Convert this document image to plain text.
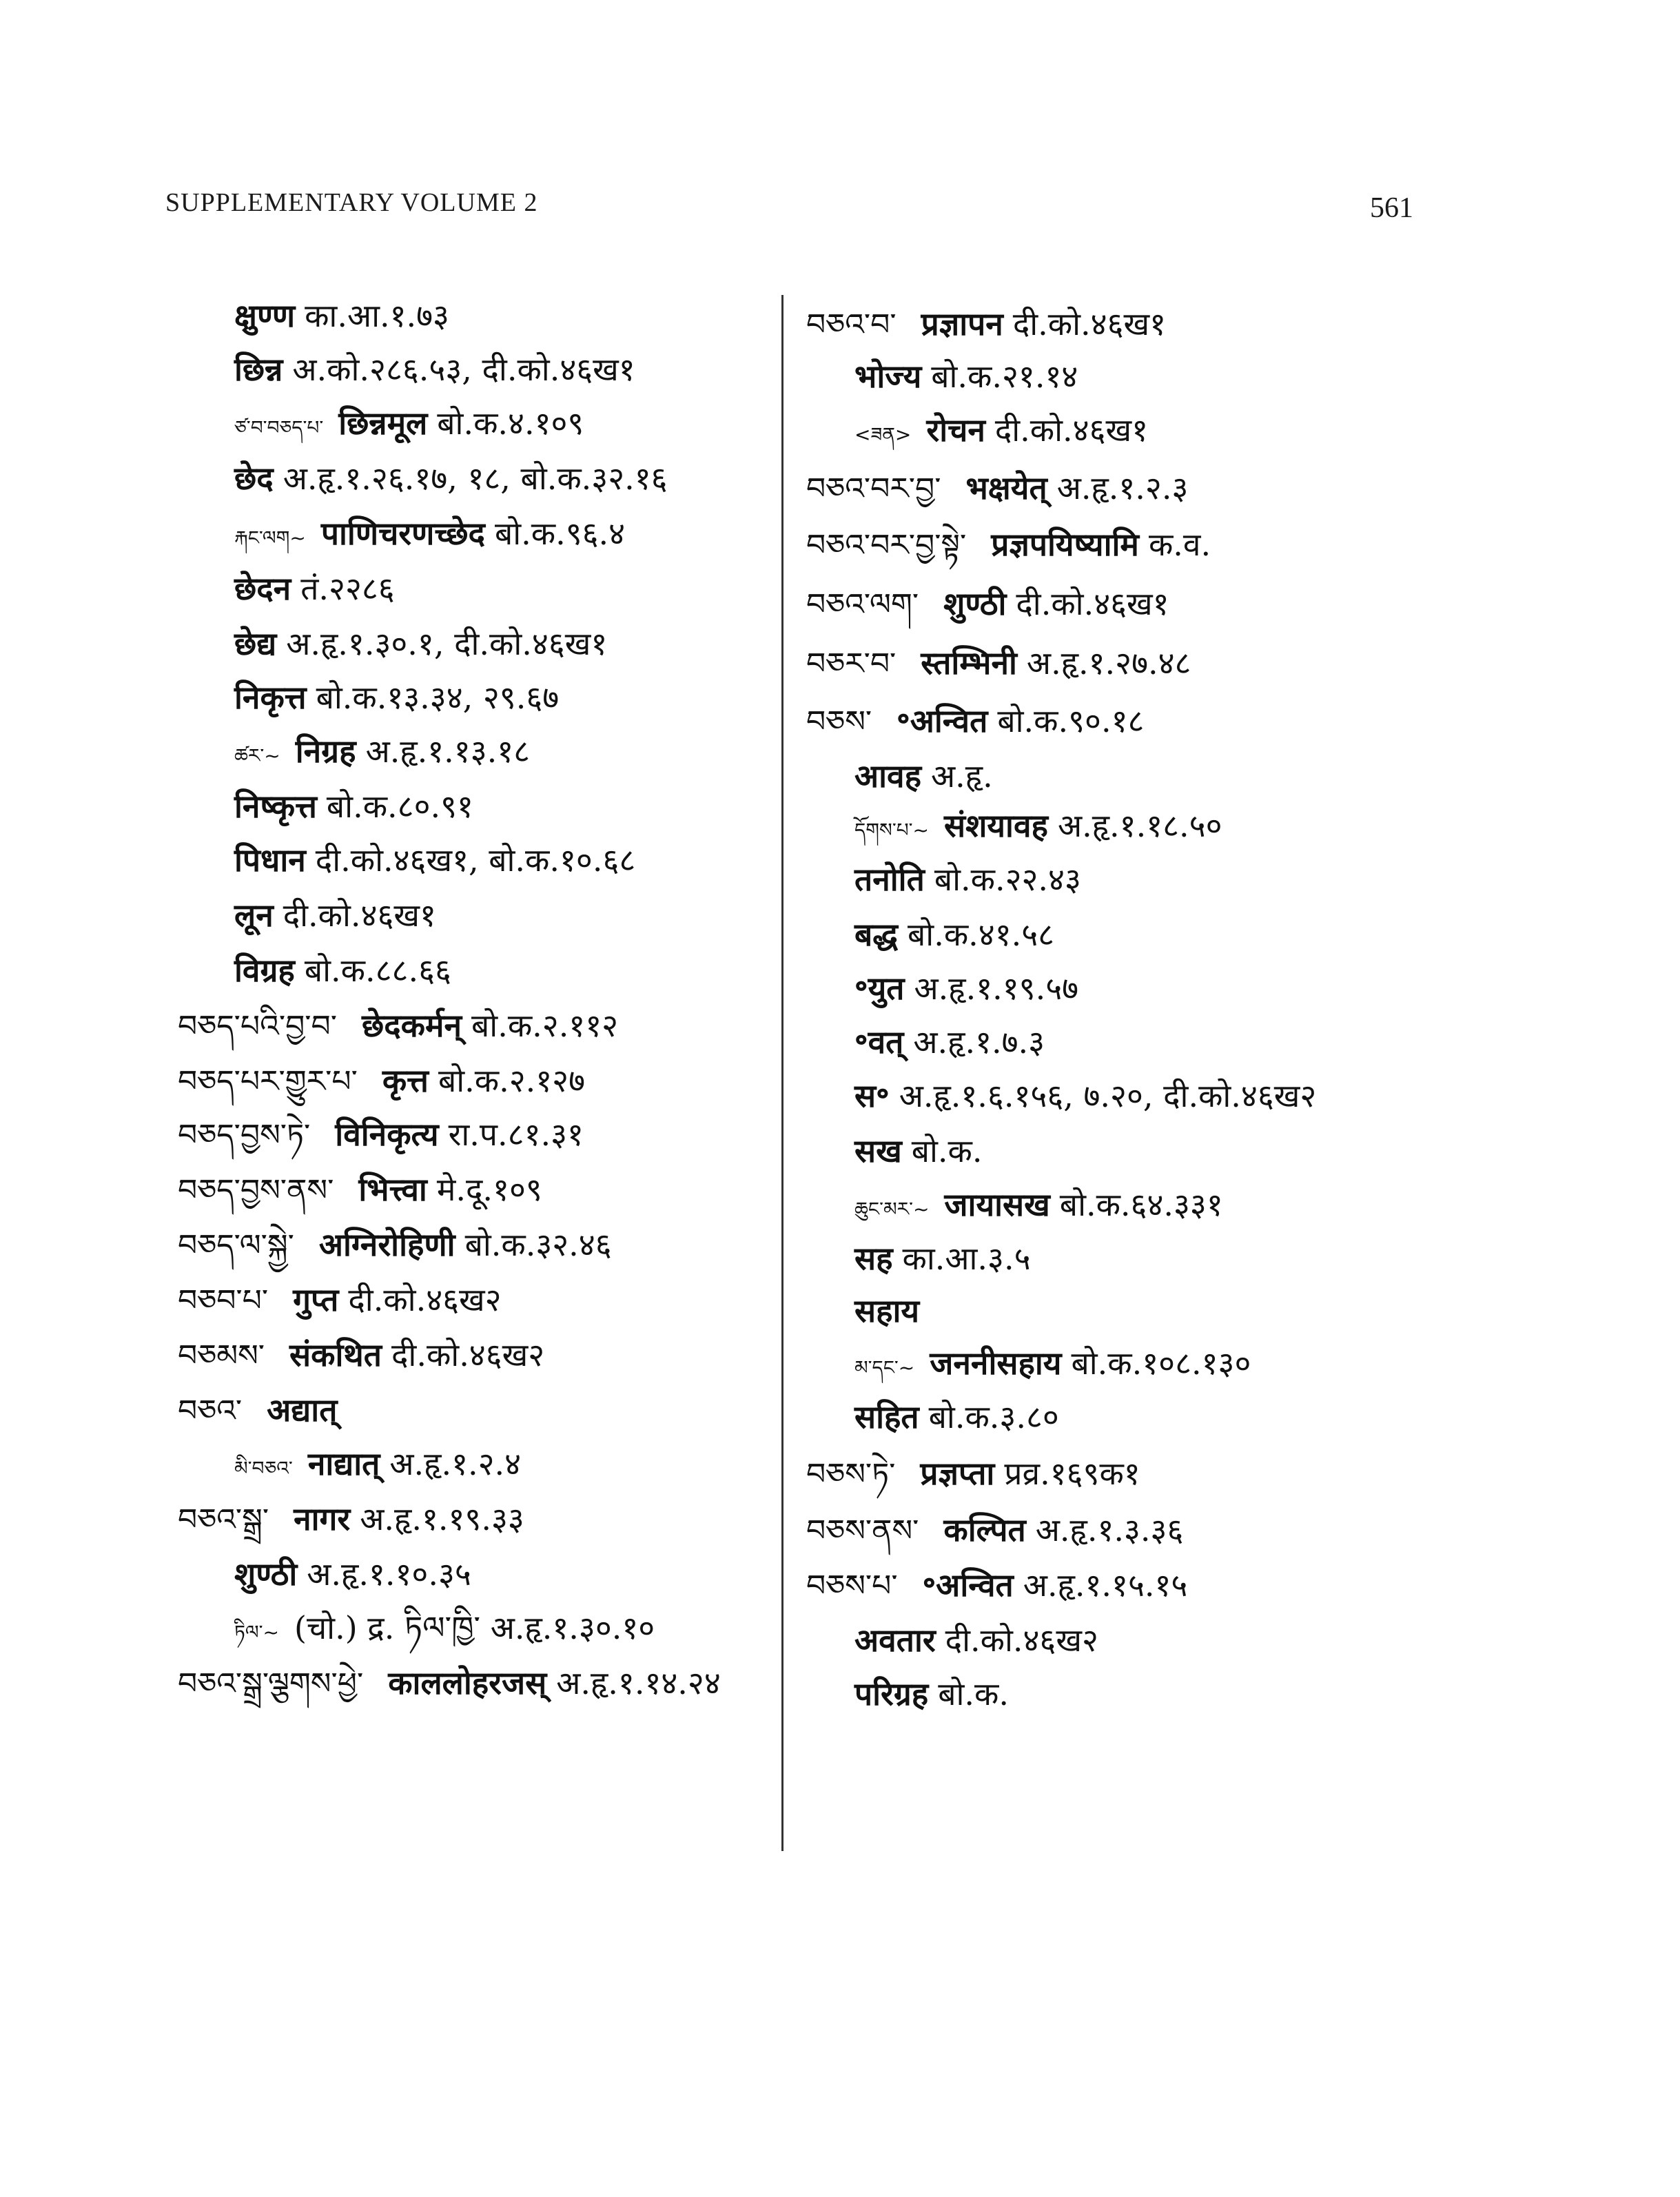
SUPPLEMENTARY VOLUME 2	561
क्षुण्ण का.आ.१.७३
छिन्न अ.को.२८६.५३, दी.को.४६ख१
ཙ་བ་བཅད་པ་ छिन्नमूल बो.क.४.१०९
छेद अ.हृ.१.२६.१७, १८, बो.क.३२.१६
རྐང་ལག~ पाणिचरणच्छेद बो.क.९६.४
छेदन तं.२२८६
छेद्य अ.हृ.१.३०.१, दी.को.४६ख१
निकृत्त बो.क.१३.३४, २९.६७
ཚར་~ निग्रह अ.हृ.१.१३.१८
निष्कृत्त बो.क.८०.९१
पिधान दी.को.४६ख१, बो.क.१०.६८
लून दी.को.४६ख१
विग्रह बो.क.८८.६६
བཅད་པའི་བྱ་བ་ छेदकर्मन् बो.क.२.११२
བཅད་པར་གྱུར་པ་ कृत्त बो.क.२.१२७
བཅད་བྱས་ཏེ་ विनिकृत्य रा.प.८१.३१
བཅད་བྱས་ནས་ भित्त्वा मे.दू.१०९
བཅད་ལ་སྐྱེ་ अग्निरोहिणी बो.क.३२.४६
བཅབ་པ་ गुप्त दी.को.४६ख२
བཅམས་ संकथित दी.को.४६ख२
བཅའ་ अद्यात्
མི་བཅའ་ नाद्यात् अ.हृ.१.२.४
བཅའ་སྒྲ་ नागर अ.हृ.१.१९.३३
शुण्ठी अ.हृ.१.१०.३५
ཏིལ་~ (चो.) द्र. ཏིལ་ཁྱི་ अ.हृ.१.३०.१०
བཅའ་སྒྲ་ལྕགས་ཕྱེ་ काललोहरजस् अ.हृ.१.१४.२४
བཅའ་བ་ प्रज्ञापन दी.को.४६ख१
भोज्य बो.क.२१.१४
<ཟན> रोचन दी.को.४६ख१
བཅའ་བར་བྱ་ भक्षयेत् अ.हृ.१.२.३
བཅའ་བར་བྱ་སྟེ་ प्रज्ञपयिष्यामि क.व.
བཅའ་ལག་ शुण्ठी दी.को.४६ख१
བཅར་བ་ स्तम्भिनी अ.हृ.१.२७.४८
བཅས་ ॰अन्वित बो.क.९०.१८
आवह अ.हृ.
དོགས་པ་~ संशयावह अ.हृ.१.१८.५०
तनोति बो.क.२२.४३
बद्ध बो.क.४१.५८
॰युत अ.हृ.१.१९.५७
॰वत् अ.हृ.१.७.३
स॰ अ.हृ.१.६.१५६, ७.२०, दी.को.४६ख२
सख बो.क.
ཆུང་མར་~ जायासख बो.क.६४.३३१
सह का.आ.३.५
सहाय
མ་དང་~ जननीसहाय बो.क.१०८.१३०
सहित बो.क.३.८०
བཅས་ཏེ་ प्रज्ञप्ता प्रव्र.१६९क१
བཅས་ནས་ कल्पित अ.हृ.१.३.३६
བཅས་པ་ ॰अन्वित अ.हृ.१.१५.१५
अवतार दी.को.४६ख२
परिग्रह बो.क.
